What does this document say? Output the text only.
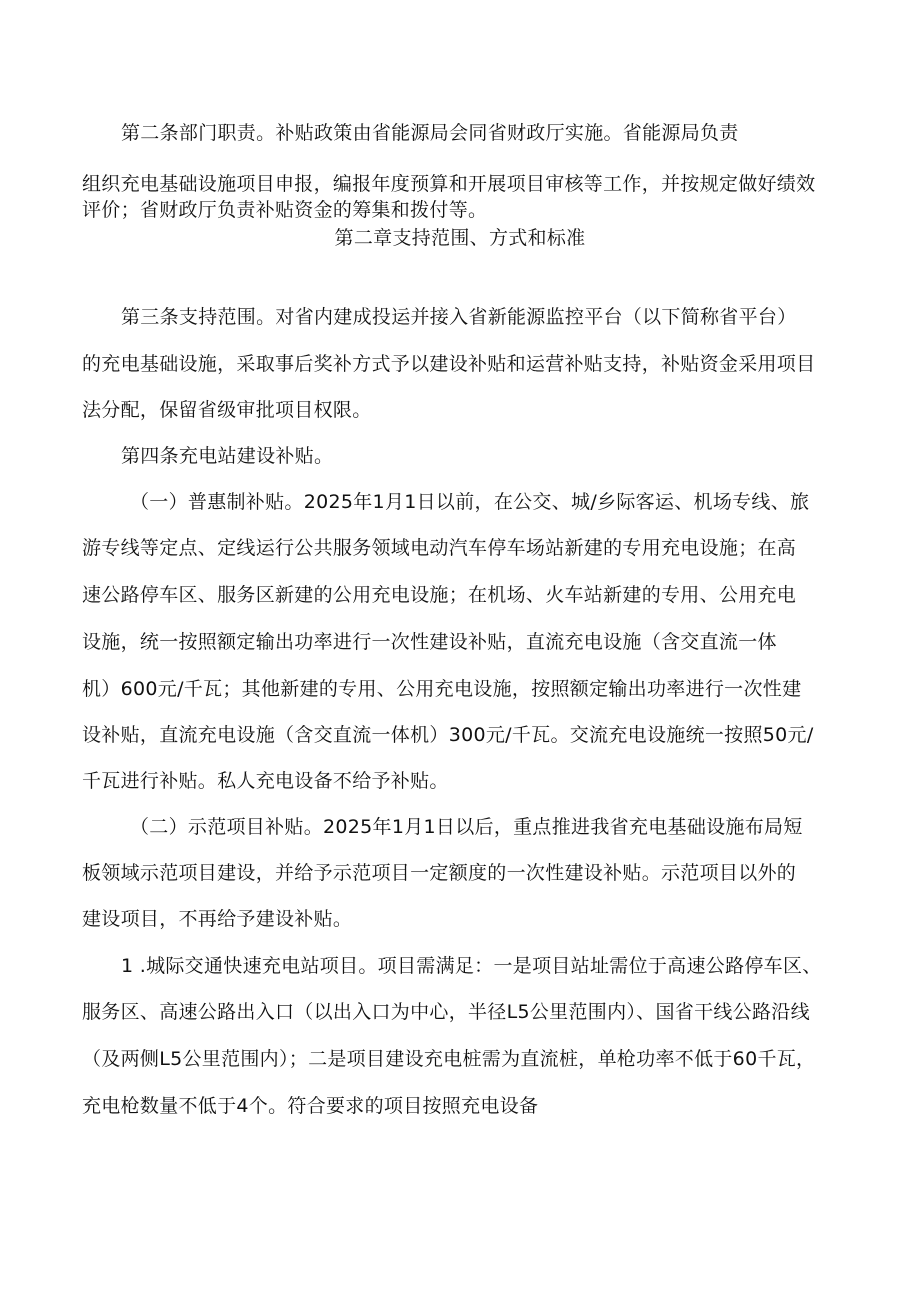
第二条部门职责。补贴政策由省能源局会同省财政厅实施。省能源局负责
组织充电基础设施项目申报，编报年度预算和开展项目审核等工作，并按规定做好绩效
评价；省财政厅负责补贴资金的筹集和拨付等。
第二章支持范围、方式和标准
第三条支持范围。对省内建成投运并接入省新能源监控平台（以下简称省平台）
的充电基础设施，采取事后奖补方式予以建设补贴和运营补贴支持，补贴资金采用项目
法分配，保留省级审批项目权限。
第四条充电站建设补贴。
（一）普惠制补贴。2025年1月1日以前，在公交、城/乡际客运、机场专线、旅
游专线等定点、定线运行公共服务领域电动汽车停车场站新建的专用充电设施；在高
速公路停车区、服务区新建的公用充电设施；在机场、火车站新建的专用、公用充电
设施，统一按照额定输出功率进行一次性建设补贴，直流充电设施（含交直流一体
机）600元/千瓦；其他新建的专用、公用充电设施，按照额定输出功率进行一次性建
设补贴，直流充电设施（含交直流一体机）300元/千瓦。交流充电设施统一按照50元/
千瓦进行补贴。私人充电设备不给予补贴。
（二）示范项目补贴。2025年1月1日以后，重点推进我省充电基础设施布局短
板领域示范项目建设，并给予示范项目一定额度的一次性建设补贴。示范项目以外的
建设项目，不再给予建设补贴。
1 .城际交通快速充电站项目。项目需满足：一是项目站址需位于高速公路停车区、
服务区、高速公路出入口（以出入口为中心，半径L5公里范围内）、国省干线公路沿线
（及两侧L5公里范围内）；二是项目建设充电桩需为直流桩，单枪功率不低于60千瓦，
充电枪数量不低于4个。符合要求的项目按照充电设备
